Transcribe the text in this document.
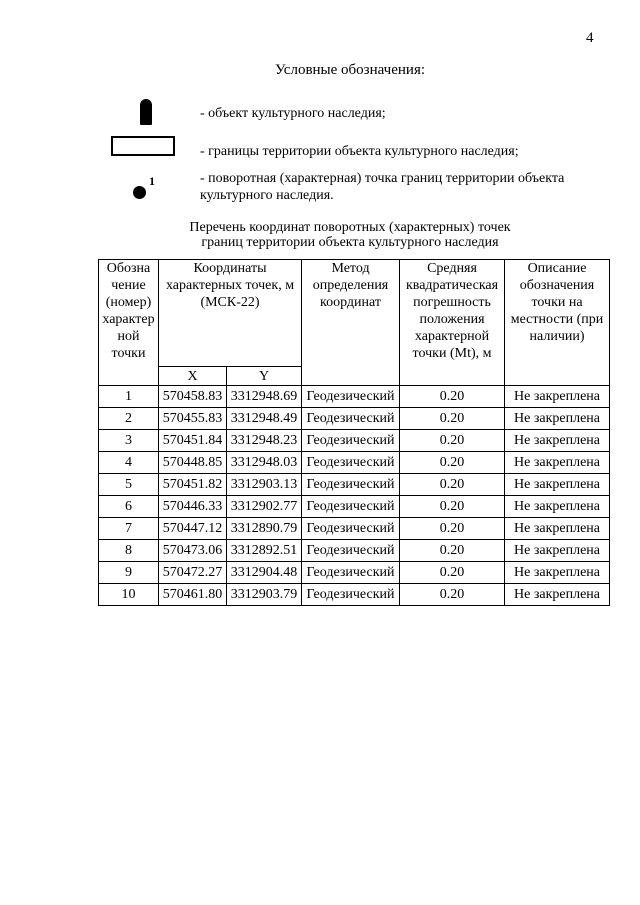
4
Условные обозначения:
- объект культурного наследия;
- границы территории объекта культурного наследия;
1	- поворотная (характерная) точка границ территории объекта
культурного наследия.
Перечень координат поворотных (характерных) точек
границ территории объекта культурного наследия
Обозна чение (номер) характер ной точки	Координаты характерных точек, м (МСК-22)		Метод определения координат	Средняя квадратическая погрешность положения характерной точки (Mt), м	Описание обозначения точки на местности (при наличии)
	X	Y			
1	570458.83	3312948.69	Геодезический	0.20	Не закреплена
2	570455.83	3312948.49	Геодезический	0.20	Не закреплена
3	570451.84	3312948.23	Геодезический	0.20	Не закреплена
4	570448.85	3312948.03	Геодезический	0.20	Не закреплена
5	570451.82	3312903.13	Геодезический	0.20	Не закреплена
6	570446.33	3312902.77	Геодезический	0.20	Не закреплена
7	570447.12	3312890.79	Геодезический	0.20	Не закреплена
8	570473.06	3312892.51	Геодезический	0.20	Не закреплена
9	570472.27	3312904.48	Геодезический	0.20	Не закреплена
10	570461.80	3312903.79	Геодезический	0.20	Не закреплена
